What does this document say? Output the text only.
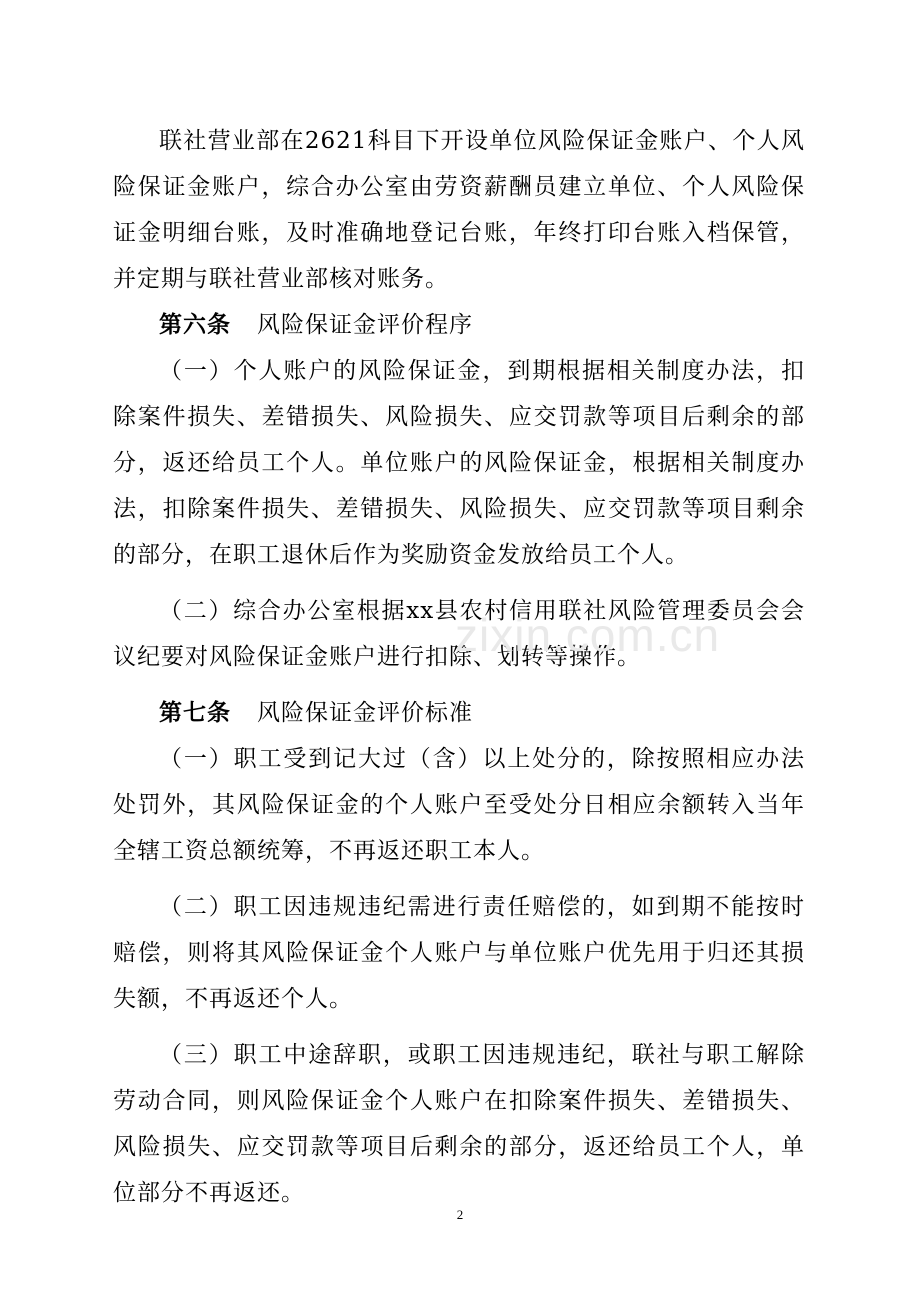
联社营业部在2621科目下开设单位风险保证金账户、个人风险保证金账户，综合办公室由劳资薪酬员建立单位、个人风险保证金明细台账，及时准确地登记台账，年终打印台账入档保管，并定期与联社营业部核对账务。

第六条 风险保证金评价程序

（一）个人账户的风险保证金，到期根据相关制度办法，扣除案件损失、差错损失、风险损失、应交罚款等项目后剩余的部分，返还给员工个人。单位账户的风险保证金，根据相关制度办法，扣除案件损失、差错损失、风险损失、应交罚款等项目剩余的部分，在职工退休后作为奖励资金发放给员工个人。

（二）综合办公室根据xx县农村信用联社风险管理委员会会议纪要对风险保证金账户进行扣除、划转等操作。

第七条 风险保证金评价标准

（一）职工受到记大过（含）以上处分的，除按照相应办法处罚外，其风险保证金的个人账户至受处分日相应余额转入当年全辖工资总额统筹，不再返还职工本人。

（二）职工因违规违纪需进行责任赔偿的，如到期不能按时赔偿，则将其风险保证金个人账户与单位账户优先用于归还其损失额，不再返还个人。

（三）职工中途辞职，或职工因违规违纪，联社与职工解除劳动合同，则风险保证金个人账户在扣除案件损失、差错损失、风险损失、应交罚款等项目后剩余的部分，返还给员工个人，单位部分不再返还。

zixin.com.cn
2
